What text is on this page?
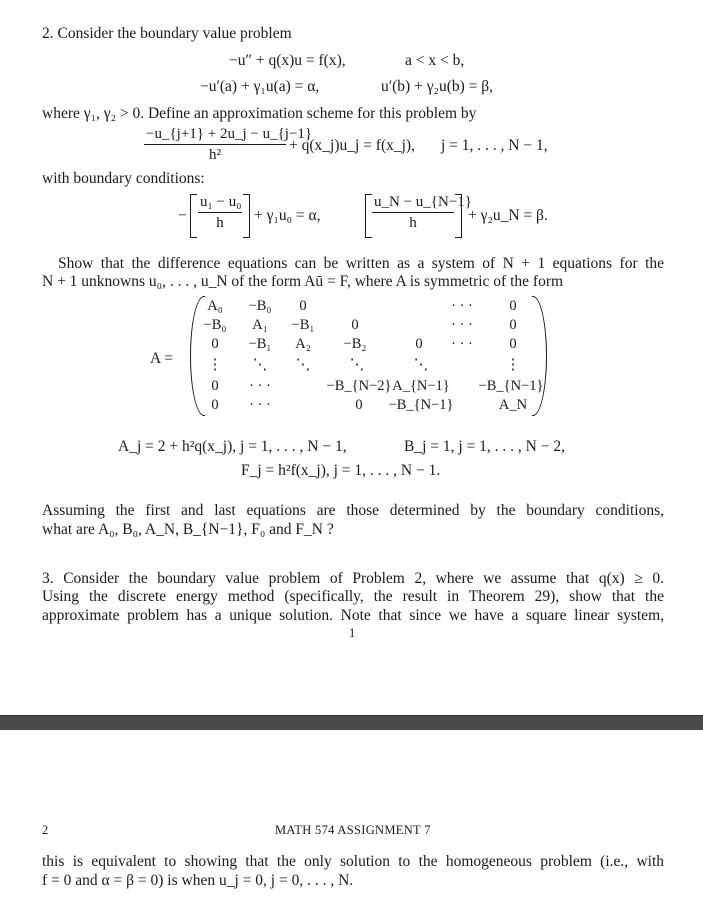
2. Consider the boundary value problem
−u″ + q(x)u = f(x),	a < x < b,
−u′(a) + γ₁u(a) = α,	u′(b) + γ₂u(b) = β,
where γ₁, γ₂ > 0. Define an approximation scheme for this problem by
−u_{j+1} + 2u_j − u_{j−1}
h²
+ q(x_j)u_j = f(x_j), j = 1, . . . , N − 1,
with boundary conditions:
−
u₁ − u₀
h	+ γ₁u₀ = α,
u_N − u_{N−1}
h	+ γ₂u_N = β.
Show that the difference equations can be written as a system of N + 1 equations for the
N + 1 unknowns u₀, . . . , u_N of the form Aū = F, where A is symmetric of the form
A =
A₀ −B₀ 0	· · ·	0
−B₀ A₁ −B₁	0	· · ·	0
0 −B₁ A₂ −B₂	0 · · ·	0
⋮ ⋱ ⋱	⋱	⋱	⋮
0 · · ·	−B_{N−2} A_{N−1} −B_{N−1}
0 · · ·	0 −B_{N−1}	A_N
A_j = 2 + h²q(x_j), j = 1, . . . , N − 1,	B_j = 1, j = 1, . . . , N − 2,
F_j = h²f(x_j), j = 1, . . . , N − 1.
Assuming the first and last equations are those determined by the boundary conditions,
what are A₀, B₀, A_N, B_{N−1}, F₀ and F_N ?
3. Consider the boundary value problem of Problem 2, where we assume that q(x) ≥ 0.
Using the discrete energy method (specifically, the result in Theorem 29), show that the
approximate problem has a unique solution. Note that since we have a square linear system,
1
2	MATH 574 ASSIGNMENT 7
this is equivalent to showing that the only solution to the homogeneous problem (i.e., with
f = 0 and α = β = 0) is when u_j = 0, j = 0, . . . , N.
